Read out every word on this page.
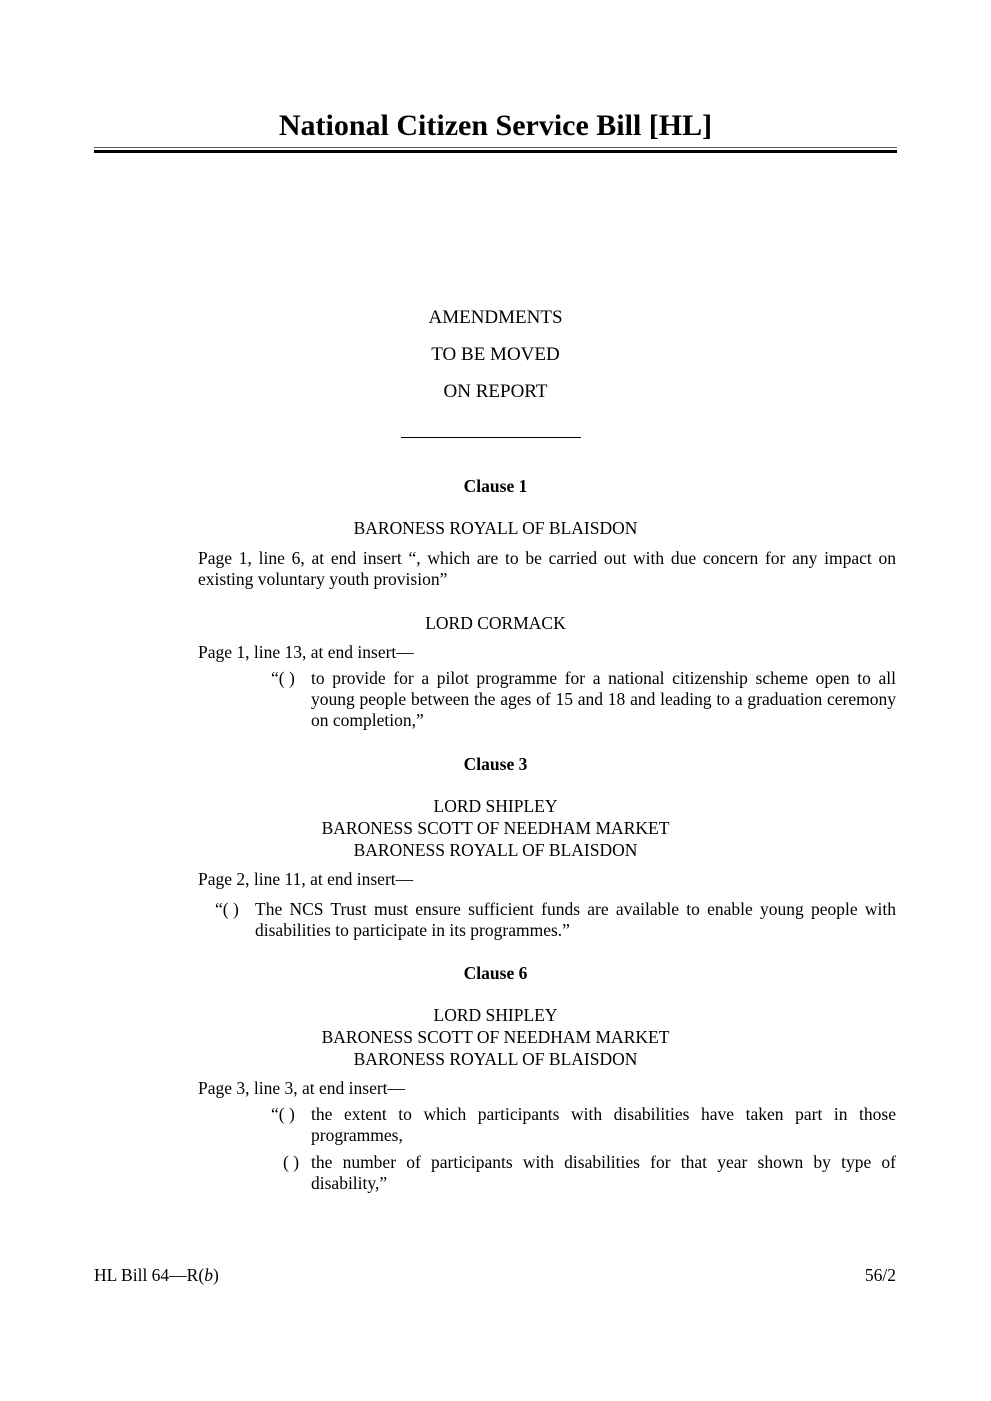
National Citizen Service Bill [HL]
AMENDMENTS
TO BE MOVED
ON REPORT
Clause 1
BARONESS ROYALL OF BLAISDON
Page 1, line 6, at end insert “, which are to be carried out with due concern for any impact on existing voluntary youth provision”
LORD CORMACK
Page 1, line 13, at end insert—
“( ) to provide for a pilot programme for a national citizenship scheme open to all young people between the ages of 15 and 18 and leading to a graduation ceremony on completion,”
Clause 3
LORD SHIPLEY
BARONESS SCOTT OF NEEDHAM MARKET
BARONESS ROYALL OF BLAISDON
Page 2, line 11, at end insert—
“( ) The NCS Trust must ensure sufficient funds are available to enable young people with disabilities to participate in its programmes.”
Clause 6
LORD SHIPLEY
BARONESS SCOTT OF NEEDHAM MARKET
BARONESS ROYALL OF BLAISDON
Page 3, line 3, at end insert—
“( ) the extent to which participants with disabilities have taken part in those programmes,
( ) the number of participants with disabilities for that year shown by type of disability,”
HL Bill 64—R(b)	56/2
